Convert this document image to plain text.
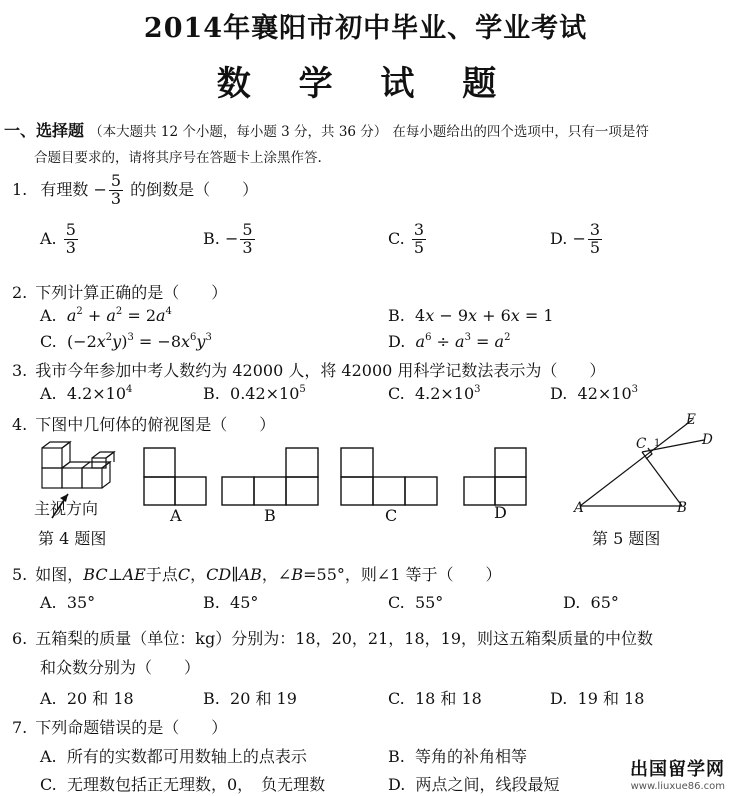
2014年襄阳市初中毕业、学业考试
数 学 试 题
一、选择题 （本大题共 12 个小题，每小题 3 分，共 36 分） 在每小题给出的四个选项中，只有一项是符
合题目要求的，请将其序号在答题卡上涂黑作答.
1. 有理数 − $\frac{5}{3}$ 的倒数是（　　）
A. $\frac{5}{3}$	B. − $\frac{5}{3}$	C. $\frac{3}{5}$	D. − $\frac{3}{5}$
2. 下列计算正确的是（　　）
A. $a^2 + a^2 = 2a^4$	B.  4x − 9x + 6x = 1
C.  $(-2x^2y)^3 = -8x^6y^3$	D. $a^6 \div a^3 = a^2$
3. 我市今年参加中考人数约为 42000 人，将 42000 用科学记数法表示为（　　）
A. $4.2\times 10^4$	B. $0.42\times 10^5$	C. $4.2\times 10^3$	D. $42\times 10^3$
4. 下图中几何体的俯视图是（　　）
主视方向
第 4 题图
A	B	C	D	A	B
C	D
E
1
第 5 题图
5. 如图，BC⊥AE于点C，CD∥AB，∠B=55°，则∠1 等于（　　）
A. 35°	B. 45°	C. 55°	D. 65°
6. 五箱梨的质量（单位：kg）分别为：18，20，21，18，19，则这五箱梨质量的中位数
和众数分别为（　　）
A. 20 和 18	B. 20 和 19	C. 18 和 18	D. 19 和 18
7. 下列命题错误的是（　　）
A. 所有的实数都可用数轴上的点表示	B. 等角的补角相等
C. 无理数包括正无理数，0，　负无理数	D. 两点之间，线段最短
出国留学网
www.liuxue86.com
